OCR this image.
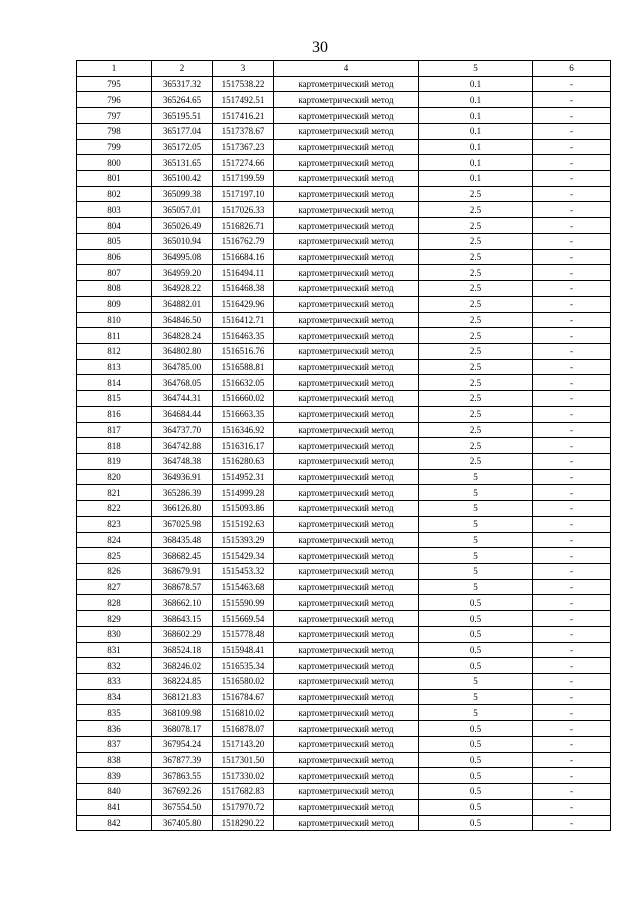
30
1	2	3	4	5	6
795	365317.32	1517538.22	картометрический метод	0.1	-
796	365264.65	1517492.51	картометрический метод	0.1	-
797	365195.51	1517416.21	картометрический метод	0.1	-
798	365177.04	1517378.67	картометрический метод	0.1	-
799	365172.05	1517367.23	картометрический метод	0.1	-
800	365131.65	1517274.66	картометрический метод	0.1	-
801	365100.42	1517199.59	картометрический метод	0.1	-
802	365099.38	1517197.10	картометрический метод	2.5	-
803	365057.01	1517026.33	картометрический метод	2.5	-
804	365026.49	1516826.71	картометрический метод	2.5	-
805	365010.94	1516762.79	картометрический метод	2.5	-
806	364995.08	1516684.16	картометрический метод	2.5	-
807	364959.20	1516494.11	картометрический метод	2.5	-
808	364928.22	1516468.38	картометрический метод	2.5	-
809	364882.01	1516429.96	картометрический метод	2.5	-
810	364846.50	1516412.71	картометрический метод	2.5	-
811	364828.24	1516463.35	картометрический метод	2.5	-
812	364802.80	1516516.76	картометрический метод	2.5	-
813	364785.00	1516588.81	картометрический метод	2.5	-
814	364768.05	1516632.05	картометрический метод	2.5	-
815	364744.31	1516660.02	картометрический метод	2.5	-
816	364684.44	1516663.35	картометрический метод	2.5	-
817	364737.70	1516346.92	картометрический метод	2.5	-
818	364742.88	1516316.17	картометрический метод	2.5	-
819	364748.38	1516280.63	картометрический метод	2.5	-
820	364936.91	1514952.31	картометрический метод	5	-
821	365286.39	1514999.28	картометрический метод	5	-
822	366126.80	1515093.86	картометрический метод	5	-
823	367025.98	1515192.63	картометрический метод	5	-
824	368435.48	1515393.29	картометрический метод	5	-
825	368682.45	1515429.34	картометрический метод	5	-
826	368679.91	1515453.32	картометрический метод	5	-
827	368678.57	1515463.68	картометрический метод	5	-
828	368662.10	1515590.99	картометрический метод	0.5	-
829	368643.15	1515669.54	картометрический метод	0.5	-
830	368602.29	1515778.48	картометрический метод	0.5	-
831	368524.18	1515948.41	картометрический метод	0.5	-
832	368246.02	1516535.34	картометрический метод	0.5	-
833	368224.85	1516580.02	картометрический метод	5	-
834	368121.83	1516784.67	картометрический метод	5	-
835	368109.98	1516810.02	картометрический метод	5	-
836	368078.17	1516878.07	картометрический метод	0.5	-
837	367954.24	1517143.20	картометрический метод	0.5	-
838	367877.39	1517301.50	картометрический метод	0.5	-
839	367863.55	1517330.02	картометрический метод	0.5	-
840	367692.26	1517682.83	картометрический метод	0.5	-
841	367554.50	1517970.72	картометрический метод	0.5	-
842	367405.80	1518290.22	картометрический метод	0.5	-
